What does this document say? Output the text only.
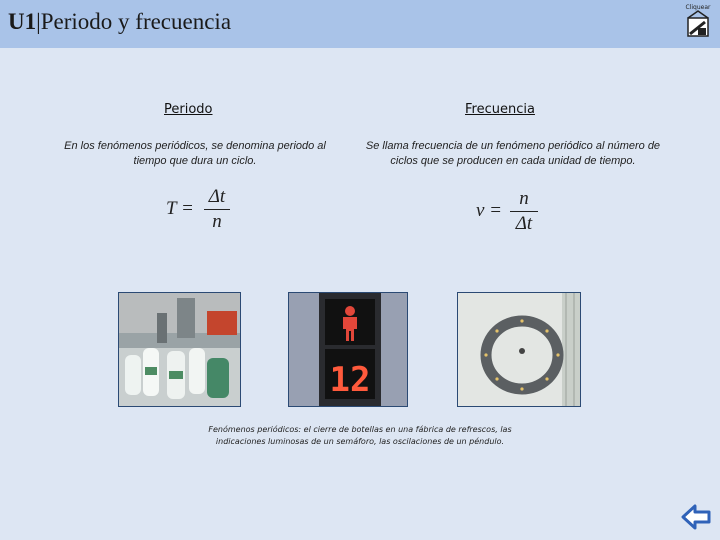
U1|Periodo y frecuencia
Cliquear
Periodo
En los fenómenos periódicos, se denomina periodo al
tiempo que dura un ciclo.
T =
Δt
n
Frecuencia
Se llama frecuencia de un fenómeno periódico al número de
ciclos que se producen en cada unidad de tiempo.
ν =
n
Δt
12
Fenómenos periódicos: el cierre de botellas en una fábrica de refrescos, las
indicaciones luminosas de un semáforo, las oscilaciones de un péndulo.
